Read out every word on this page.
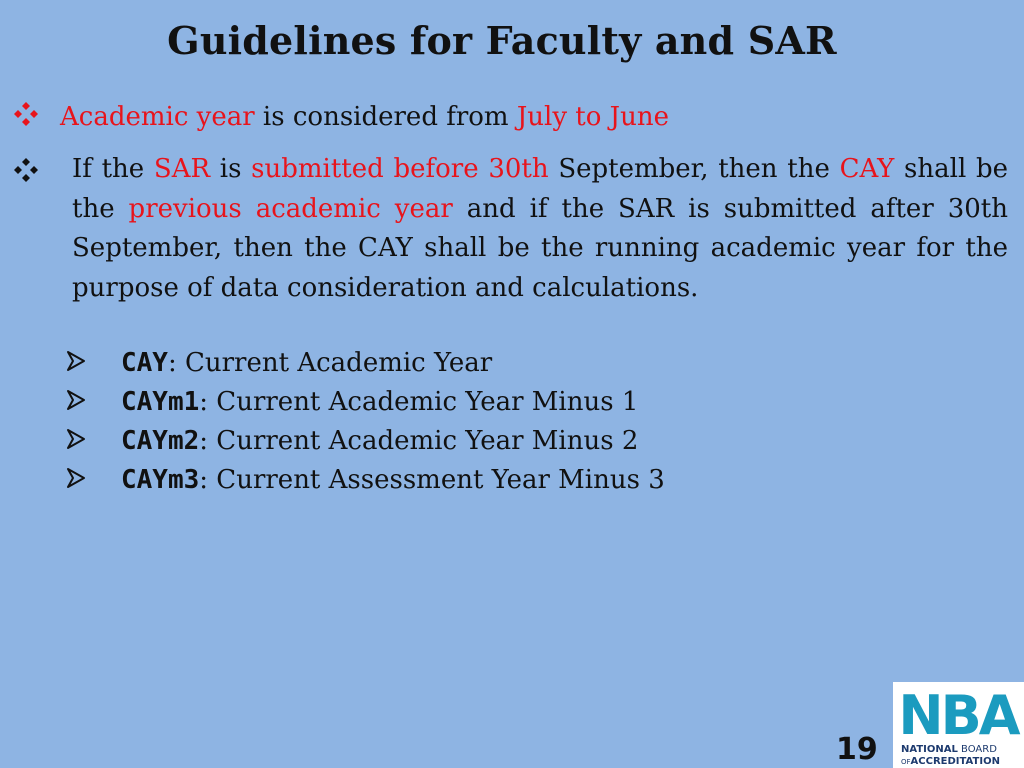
Guidelines for Faculty and SAR
Academic year is considered from July to June
If the SAR is submitted before 30th September, then the CAY shall be the previous academic year and if the SAR is submitted after 30th September, then the CAY shall be the running academic year for the purpose of data consideration and calculations.
CAY: Current Academic Year
CAYm1: Current Academic Year Minus 1
CAYm2: Current Academic Year Minus 2
CAYm3: Current Assessment Year Minus 3
19
NBA
NATIONAL BOARD
OFACCREDITATION
